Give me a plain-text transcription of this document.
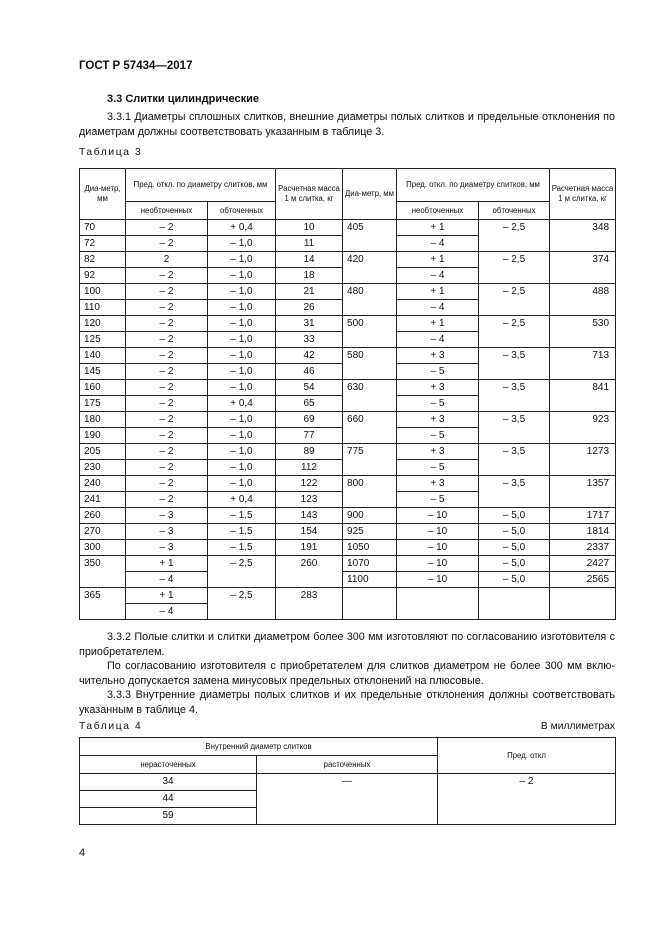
ГОСТ Р 57434—2017
3.3 Слитки цилиндрические

3.3.1 Диаметры сплошных слитков, внешние диаметры полых слитков и предельные отклонения по диаметрам должны соответствовать указанным в таблице 3.

Таблица 3
Диа-метр, мм	Пред. откл. по диаметру слитков, мм		Расчетная масса 1 м слитка, кг	Диа-метр, мм	Пред. откл. по диаметру слитков, мм		Расчетная масса 1 м слитка, кг
	необточенных	обточенных			необточенных	обточенных	
70	– 2	+ 0,4	10	405	+ 1	– 2,5	348
72	– 2	– 1,0	11		– 4		
82	2	– 1,0	14	420	+ 1	– 2,5	374
92	– 2	– 1,0	18		– 4		
100	– 2	– 1,0	21	480	+ 1	– 2,5	488
110	– 2	– 1,0	26		– 4		
120	– 2	– 1,0	31	500	+ 1	– 2,5	530
125	– 2	– 1,0	33		– 4		
140	– 2	– 1,0	42	580	+ 3	– 3,5	713
145	– 2	– 1,0	46		– 5		
160	– 2	– 1,0	54	630	+ 3	– 3,5	841
175	– 2	+ 0,4	65		– 5		
180	– 2	– 1,0	69	660	+ 3	– 3,5	923
190	– 2	– 1,0	77		– 5		
205	– 2	– 1,0	89	775	+ 3	– 3,5	1273
230	– 2	– 1,0	112		– 5		
240	– 2	– 1,0	122	800	+ 3	– 3,5	1357
241	– 2	+ 0,4	123		– 5		
260	– 3	– 1,5	143	900	– 10	– 5,0	1717
270	– 3	– 1,5	154	925	– 10	– 5,0	1814
300	– 3	– 1,5	191	1050	– 10	– 5,0	2337
350	+ 1	– 2,5	260	1070	– 10	– 5,0	2427
	– 4			1100	– 10	– 5,0	2565
365	+ 1	– 2,5	283				
	– 4						

3.3.2 Полые слитки и слитки диаметром более 300 мм изготовляют по согласованию изготовителя с приобретателем.

По согласованию изготовителя с приобретателем для слитков диаметром не более 300 мм вклю-чительно допускается замена минусовых предельных отклонений на плюсовые.

3.3.3 Внутренние диаметры полых слитков и их предельные отклонения должны соответствовать указанным в таблице 4.

Таблица 4	В миллиметрах
Внутренний диаметр слитков		Пред. откл
нерасточенных	расточенных	
34	—	– 2
44		
59		
4
